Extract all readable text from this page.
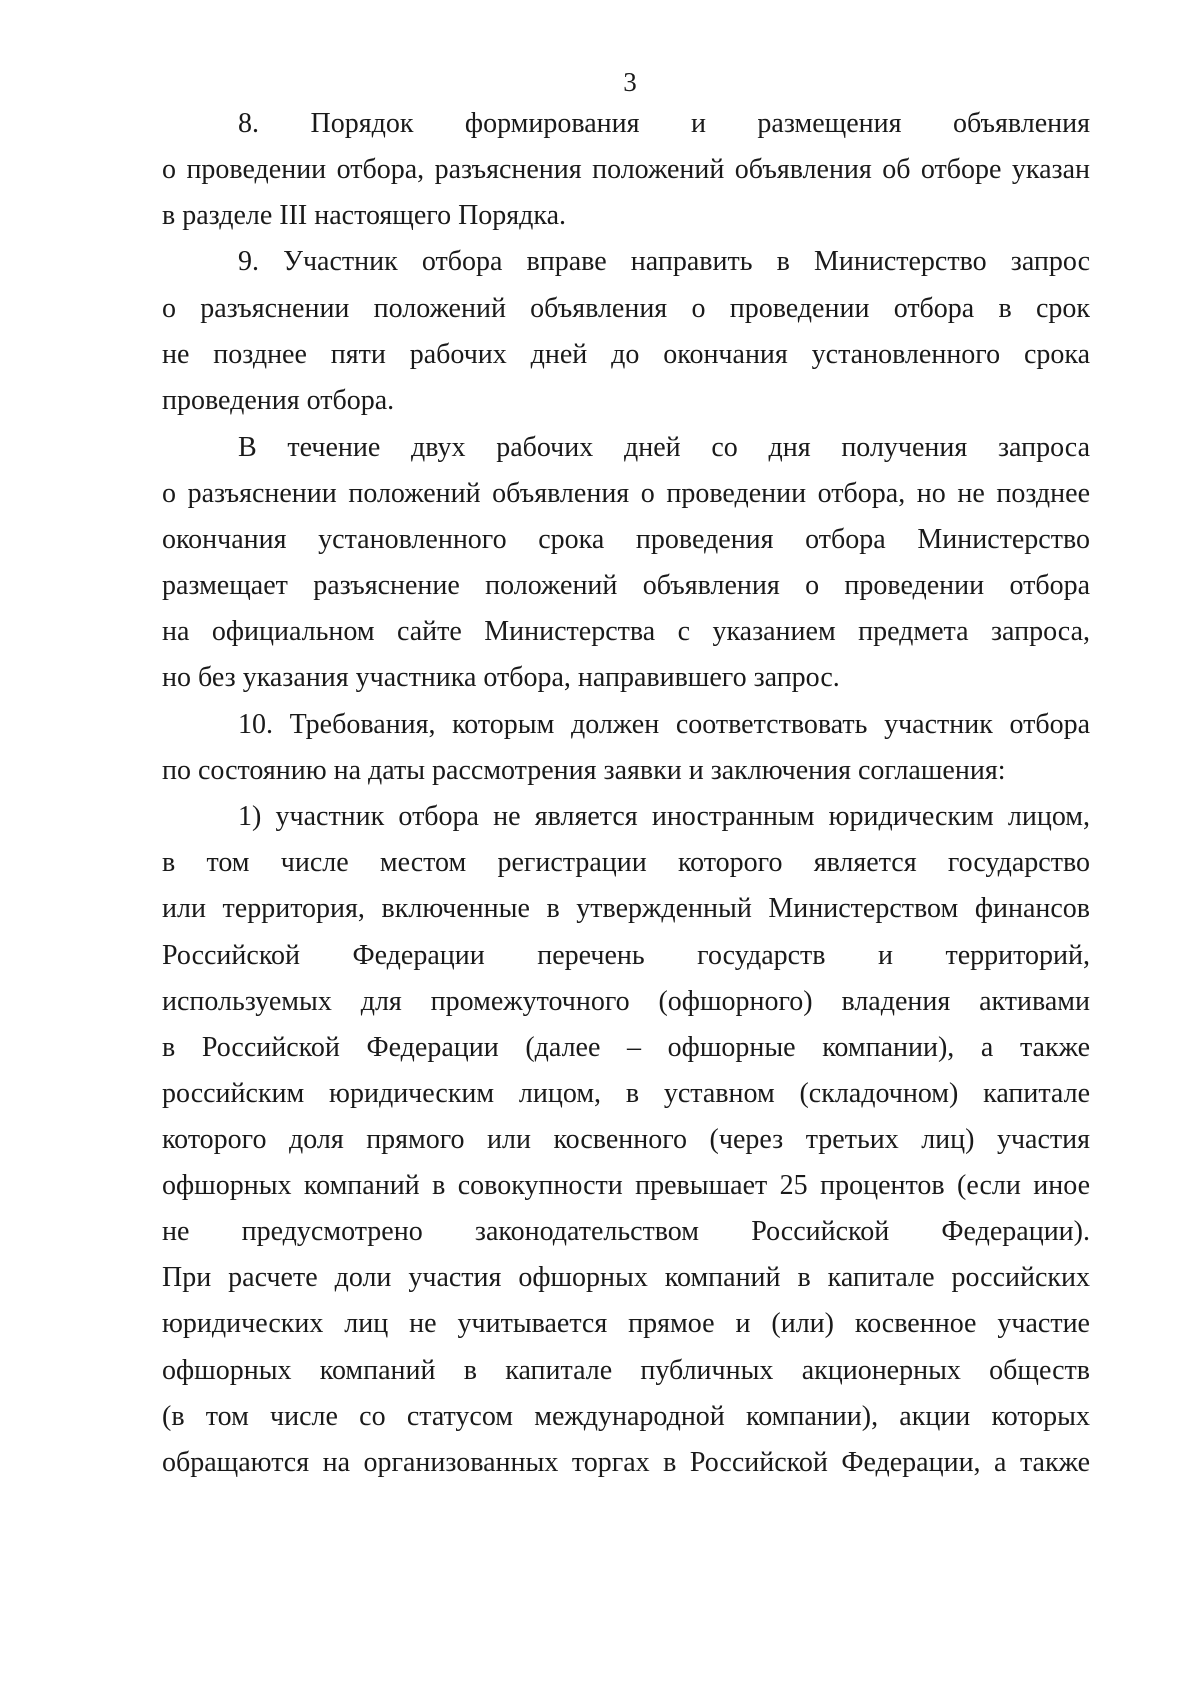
3
8. Порядок формирования и размещения объявления
о проведении отбора, разъяснения положений объявления об отборе указан
в разделе III настоящего Порядка.
9. Участник отбора вправе направить в Министерство запрос
о разъяснении положений объявления о проведении отбора в срок
не позднее пяти рабочих дней до окончания установленного срока
проведения отбора.
В течение двух рабочих дней со дня получения запроса
о разъяснении положений объявления о проведении отбора, но не позднее
окончания установленного срока проведения отбора Министерство
размещает разъяснение положений объявления о проведении отбора
на официальном сайте Министерства с указанием предмета запроса,
но без указания участника отбора, направившего запрос.
10. Требования, которым должен соответствовать участник отбора
по состоянию на даты рассмотрения заявки и заключения соглашения:
1) участник отбора не является иностранным юридическим лицом,
в том числе местом регистрации которого является государство
или территория, включенные в утвержденный Министерством финансов
Российской Федерации перечень государств и территорий,
используемых для промежуточного (офшорного) владения активами
в Российской Федерации (далее – офшорные компании), а также
российским юридическим лицом, в уставном (складочном) капитале
которого доля прямого или косвенного (через третьих лиц) участия
офшорных компаний в совокупности превышает 25 процентов (если иное
не предусмотрено законодательством Российской Федерации).
При расчете доли участия офшорных компаний в капитале российских
юридических лиц не учитывается прямое и (или) косвенное участие
офшорных компаний в капитале публичных акционерных обществ
(в том числе со статусом международной компании), акции которых
обращаются на организованных торгах в Российской Федерации, а также
